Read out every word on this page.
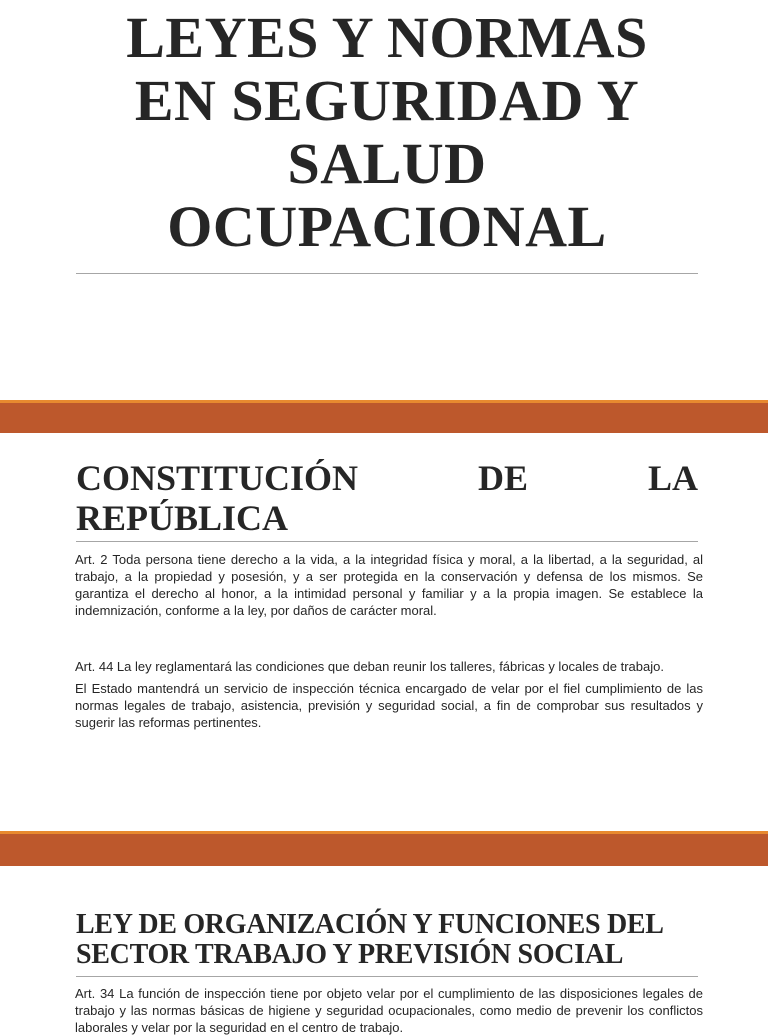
LEYES Y NORMAS
EN SEGURIDAD Y
SALUD
OCUPACIONAL
CONSTITUCIÓN	DE	LA
REPÚBLICA

Art. 2 Toda persona tiene derecho a la vida, a la integridad física y moral, a la libertad, a la seguridad, al trabajo, a la propiedad y posesión, y a ser protegida en la conservación y defensa de los mismos. Se garantiza el derecho al honor, a la intimidad personal y familiar y a la propia imagen. Se establece la indemnización, conforme a la ley, por daños de carácter moral.

Art. 44 La ley reglamentará las condiciones que deban reunir los talleres, fábricas y locales de trabajo.

El Estado mantendrá un servicio de inspección técnica encargado de velar por el fiel cumplimiento de las normas legales de trabajo, asistencia, previsión y seguridad social, a fin de comprobar sus resultados y sugerir las reformas pertinentes.

LEY DE ORGANIZACIÓN Y FUNCIONES DEL
SECTOR TRABAJO Y PREVISIÓN SOCIAL

Art. 34 La función de inspección tiene por objeto velar por el cumplimiento de las disposiciones legales de trabajo y las normas básicas de higiene y seguridad ocupacionales, como medio de prevenir los conflictos laborales y velar por la seguridad en el centro de trabajo.
